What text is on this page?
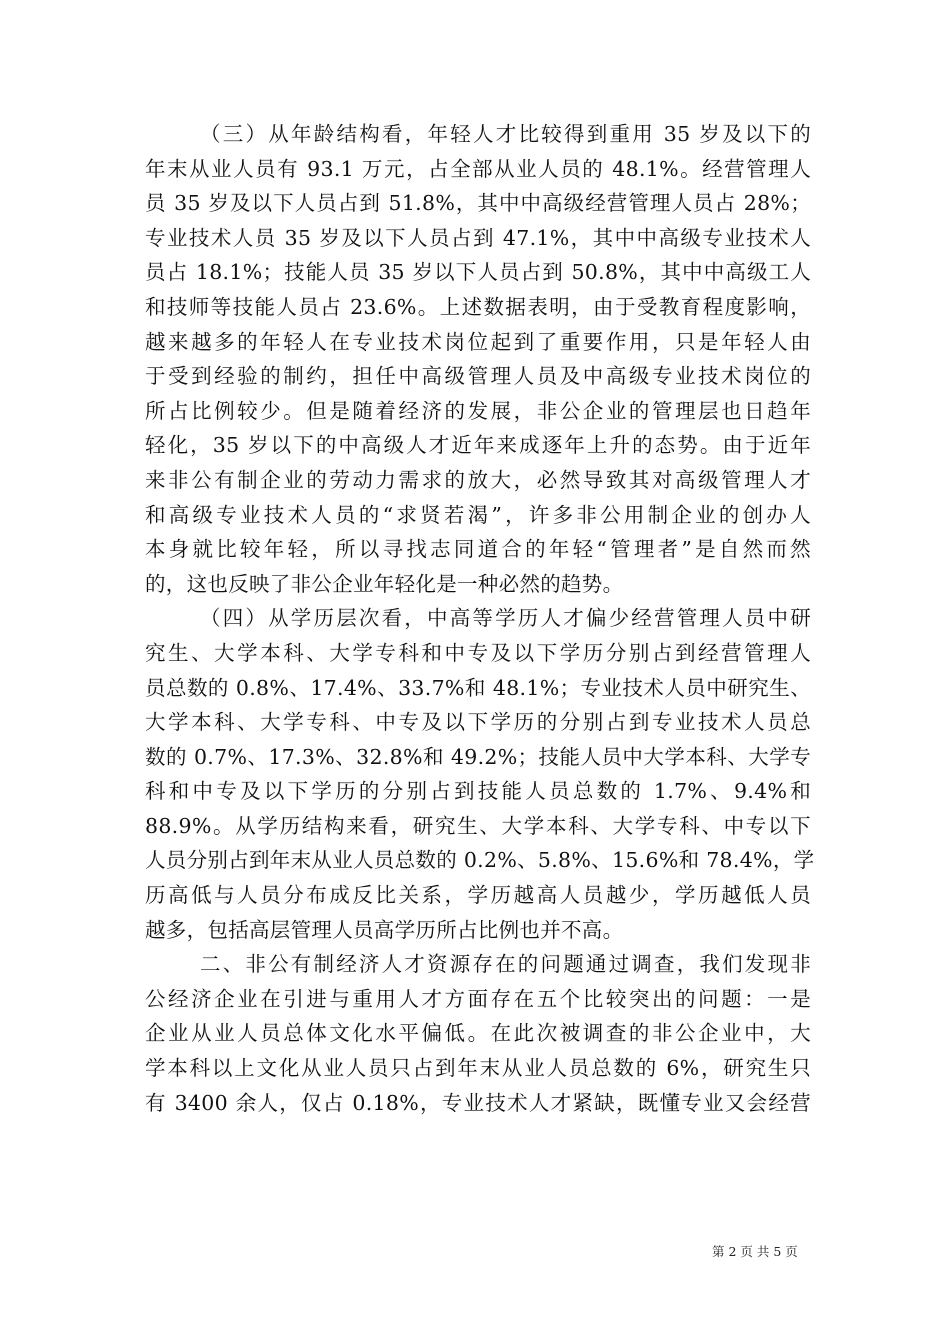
（三）从年龄结构看，年轻人才比较得到重用 35 岁及以下的
年末从业人员有 93.1 万元，占全部从业人员的 48.1%。经营管理人
员 35 岁及以下人员占到 51.8%，其中中高级经营管理人员占 28%；
专业技术人员 35 岁及以下人员占到 47.1%，其中中高级专业技术人
员占 18.1%；技能人员 35 岁以下人员占到 50.8%，其中中高级工人
和技师等技能人员占 23.6%。上述数据表明，由于受教育程度影响，
越来越多的年轻人在专业技术岗位起到了重要作用，只是年轻人由
于受到经验的制约，担任中高级管理人员及中高级专业技术岗位的
所占比例较少。但是随着经济的发展，非公企业的管理层也日趋年
轻化，35 岁以下的中高级人才近年来成逐年上升的态势。由于近年
来非公有制企业的劳动力需求的放大，必然导致其对高级管理人才
和高级专业技术人员的“求贤若渴”，许多非公用制企业的创办人
本身就比较年轻，所以寻找志同道合的年轻“管理者”是自然而然
的，这也反映了非公企业年轻化是一种必然的趋势。
（四）从学历层次看，中高等学历人才偏少经营管理人员中研
究生、大学本科、大学专科和中专及以下学历分别占到经营管理人
员总数的 0.8%、17.4%、33.7%和 48.1%；专业技术人员中研究生、
大学本科、大学专科、中专及以下学历的分别占到专业技术人员总
数的 0.7%、17.3%、32.8%和 49.2%；技能人员中大学本科、大学专
科和中专及以下学历的分别占到技能人员总数的 1.7%、9.4%和
88.9%。从学历结构来看，研究生、大学本科、大学专科、中专以下
人员分别占到年末从业人员总数的 0.2%、5.8%、15.6%和 78.4%，学
历高低与人员分布成反比关系，学历越高人员越少，学历越低人员
越多，包括高层管理人员高学历所占比例也并不高。
二、非公有制经济人才资源存在的问题通过调查，我们发现非
公经济企业在引进与重用人才方面存在五个比较突出的问题：一是
企业从业人员总体文化水平偏低。在此次被调查的非公企业中，大
学本科以上文化从业人员只占到年末从业人员总数的 6%，研究生只
有 3400 余人，仅占 0.18%，专业技术人才紧缺，既懂专业又会经营
第 2 页 共 5 页
